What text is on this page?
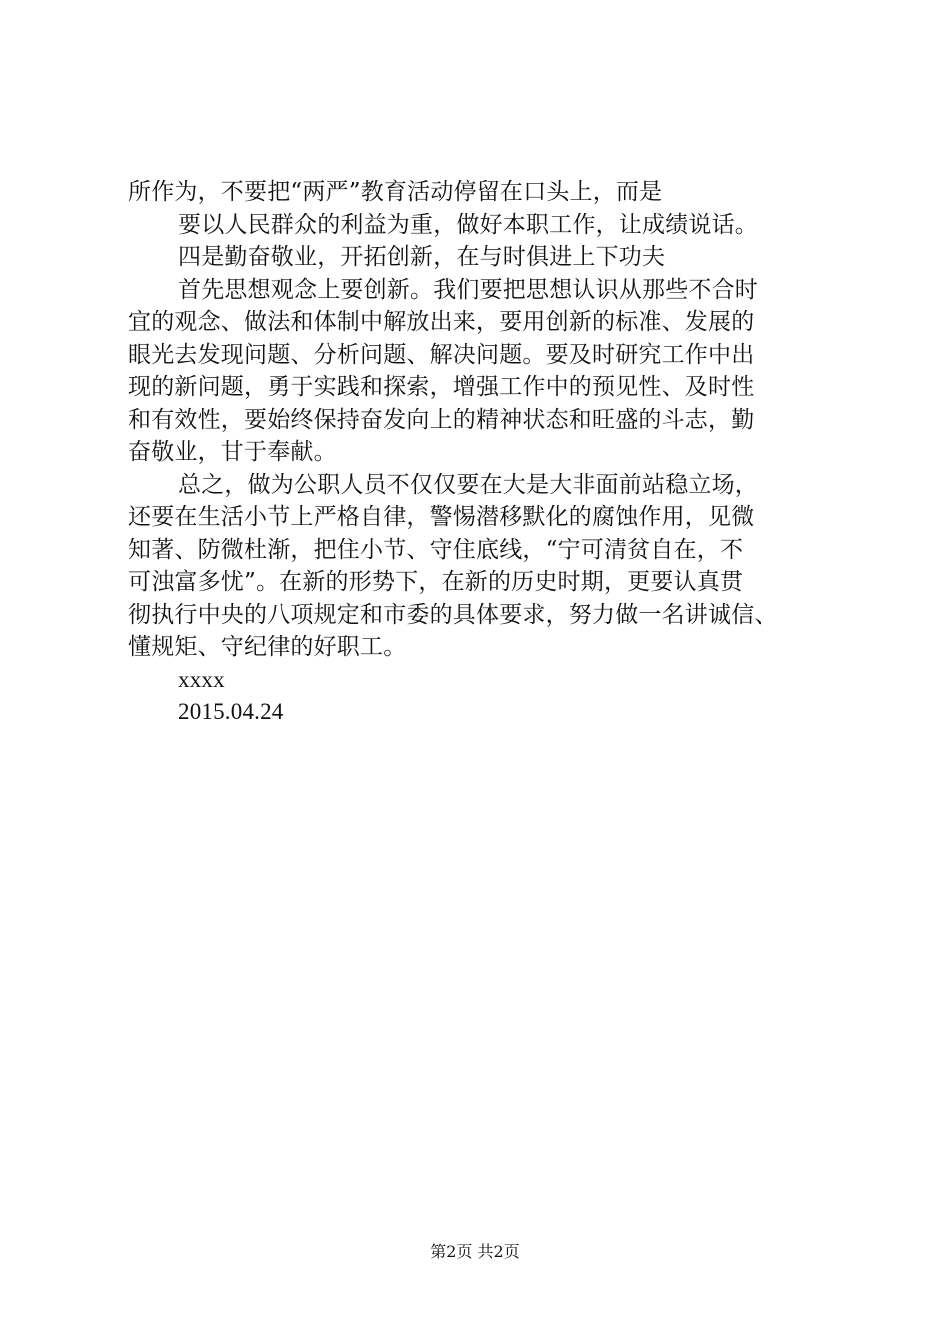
所作为，不要把“两严”教育活动停留在口头上，而是
要以人民群众的利益为重，做好本职工作，让成绩说话。
四是勤奋敬业，开拓创新，在与时俱进上下功夫
首先思想观念上要创新。我们要把思想认识从那些不合时
宜的观念、做法和体制中解放出来，要用创新的标准、发展的
眼光去发现问题、分析问题、解决问题。要及时研究工作中出
现的新问题，勇于实践和探索，增强工作中的预见性、及时性
和有效性，要始终保持奋发向上的精神状态和旺盛的斗志，勤
奋敬业，甘于奉献。
总之，做为公职人员不仅仅要在大是大非面前站稳立场，
还要在生活小节上严格自律，警惕潜移默化的腐蚀作用，见微
知著、防微杜渐，把住小节、守住底线，“宁可清贫自在，不
可浊富多忧”。在新的形势下，在新的历史时期，更要认真贯
彻执行中央的八项规定和市委的具体要求，努力做一名讲诚信、
懂规矩、守纪律的好职工。
xxxx
2015.04.24
第2页 共2页
